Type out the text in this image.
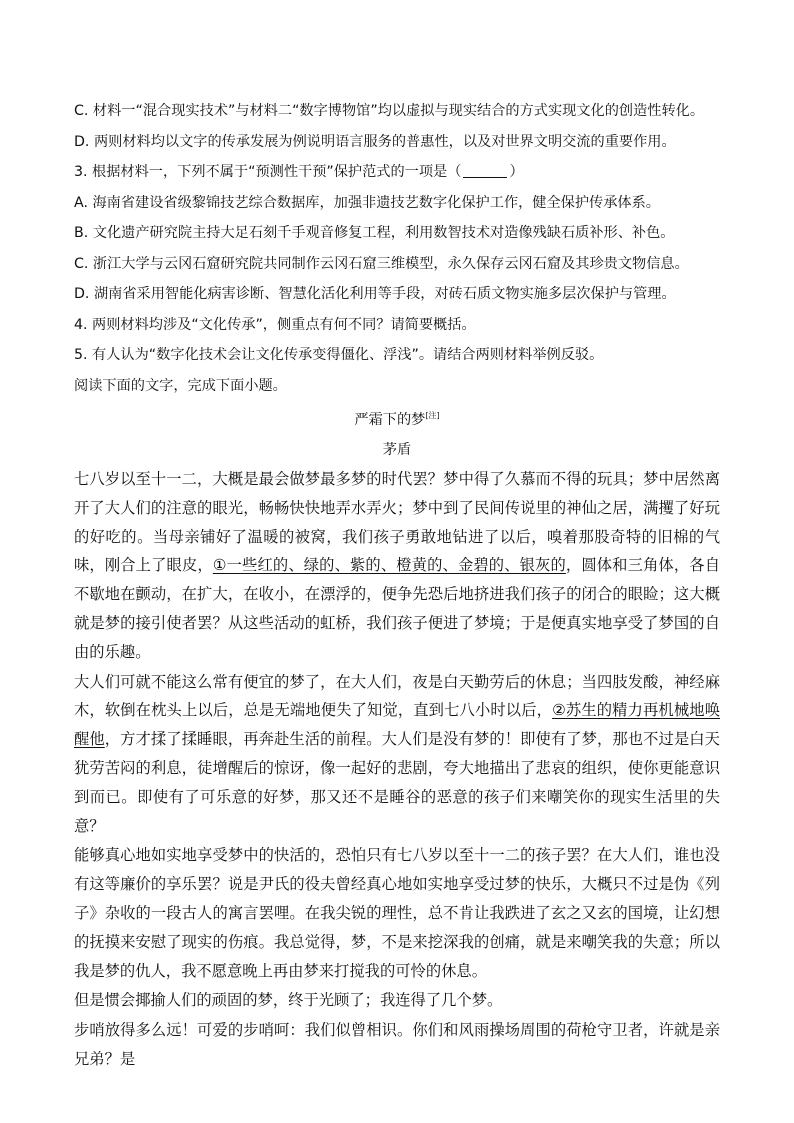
C. 材料一“混合现实技术”与材料二“数字博物馆”均以虚拟与现实结合的方式实现文化的创造性转化。
D. 两则材料均以文字的传承发展为例说明语言服务的普惠性，以及对世界文明交流的重要作用。
3. 根据材料一，下列不属于“预测性干预”保护范式的一项是（	）
A. 海南省建设省级黎锦技艺综合数据库，加强非遗技艺数字化保护工作，健全保护传承体系。
B. 文化遗产研究院主持大足石刻千手观音修复工程，利用数智技术对造像残缺石质补形、补色。
C. 浙江大学与云冈石窟研究院共同制作云冈石窟三维模型，永久保存云冈石窟及其珍贵文物信息。
D. 湖南省采用智能化病害诊断、智慧化活化利用等手段，对砖石质文物实施多层次保护与管理。
4. 两则材料均涉及“文化传承”，侧重点有何不同？请简要概括。
5. 有人认为“数字化技术会让文化传承变得僵化、浮浅”。请结合两则材料举例反驳。
阅读下面的文字，完成下面小题。
严霜下的梦[注]
茅盾

七八岁以至十一二，大概是最会做梦最多梦的时代罢？梦中得了久慕而不得的玩具；梦中居然离开了大人们的注意的眼光，畅畅快快地弄水弄火；梦中到了民间传说里的神仙之居，满攫了好玩的好吃的。当母亲铺好了温暖的被窝，我们孩子勇敢地钻进了以后，嗅着那股奇特的旧棉的气味，刚合上了眼皮，①一些红的、绿的、紫的、橙黄的、金碧的、银灰的，圆体和三角体，各自不歇地在颤动，在扩大，在收小，在漂浮的，便争先恐后地挤进我们孩子的闭合的眼睑；这大概就是梦的接引使者罢？从这些活动的虹桥，我们孩子便进了梦境；于是便真实地享受了梦国的自由的乐趣。

大人们可就不能这么常有便宜的梦了，在大人们，夜是白天勤劳后的休息；当四肢发酸，神经麻木，软倒在枕头上以后，总是无端地便失了知觉，直到七八小时以后，②苏生的精力再机械地唤醒他，方才揉了揉睡眼，再奔赴生活的前程。大人们是没有梦的！即使有了梦，那也不过是白天犹劳苦闷的利息，徒增醒后的惊讶，像一起好的悲剧，夸大地描出了悲哀的组织，使你更能意识到而已。即使有了可乐意的好梦，那又还不是睡谷的恶意的孩子们来嘲笑你的现实生活里的失意？

能够真心地如实地享受梦中的快活的，恐怕只有七八岁以至十一二的孩子罢？在大人们，谁也没有这等廉价的享乐罢？说是尹氏的役夫曾经真心地如实地享受过梦的快乐，大概只不过是伪《列子》杂收的一段古人的寓言罢哩。在我尖锐的理性，总不肯让我跌进了玄之又玄的国境，让幻想的抚摸来安慰了现实的伤痕。我总觉得，梦，不是来挖深我的创痛，就是来嘲笑我的失意；所以我是梦的仇人，我不愿意晚上再由梦来打搅我的可怜的休息。

但是惯会揶揄人们的顽固的梦，终于光顾了；我连得了几个梦。

步哨放得多么远！可爱的步哨呵：我们似曾相识。你们和风雨操场周围的荷枪守卫者，许就是亲兄弟？是
